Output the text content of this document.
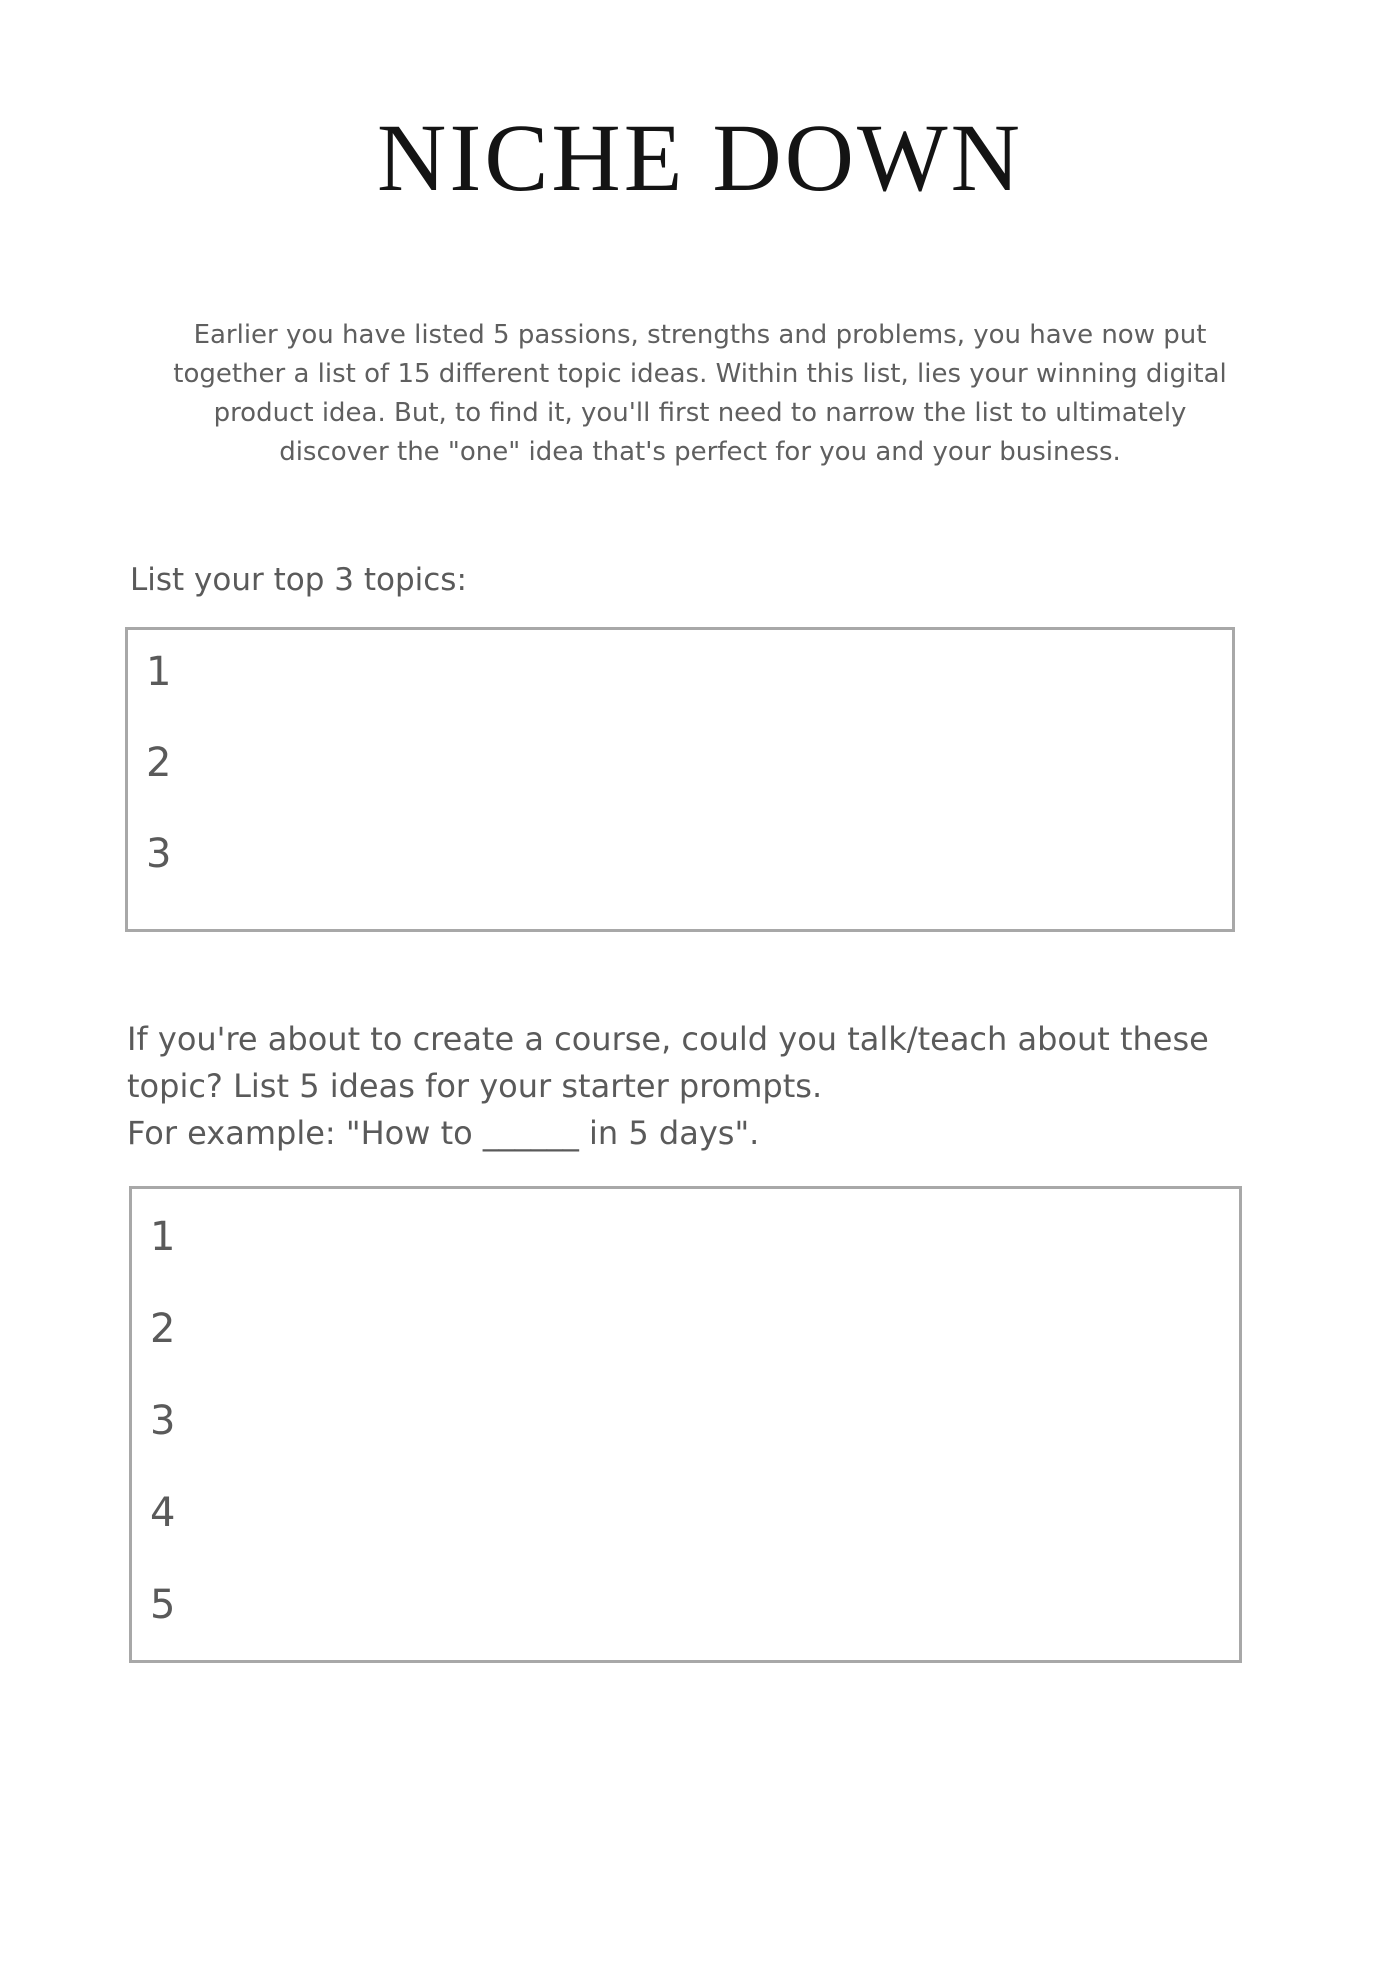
NICHE DOWN
Earlier you have listed 5 passions, strengths and problems, you have now put
together a list of 15 different topic ideas. Within this list, lies your winning digital
product idea. But, to find it, you'll first need to narrow the list to ultimately
discover the "one" idea that's perfect for you and your business.
List your top 3 topics:
1
2
3
If you're about to create a course, could you talk/teach about these
topic? List 5 ideas for your starter prompts.
For example: "How to ______ in 5 days".
1
2
3
4
5
